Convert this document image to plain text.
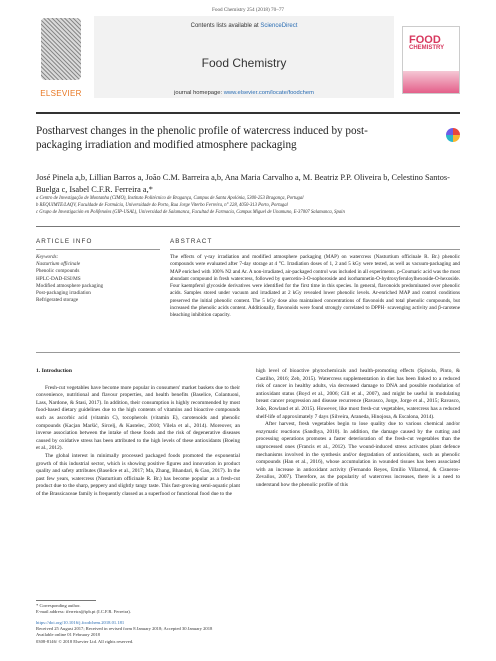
Food Chemistry 254 (2018) 70–77
ELSEVIER
Contents lists available at ScienceDirect
Food Chemistry
journal homepage: www.elsevier.com/locate/foodchem
FOOD
CHEMISTRY
Postharvest changes in the phenolic profile of watercress induced by post-packaging irradiation and modified atmosphere packaging
José Pinela a,b, Lillian Barros a, João C.M. Barreira a,b, Ana Maria Carvalho a, M. Beatriz P.P. Oliveira b, Celestino Santos-Buelga c, Isabel C.F.R. Ferreira a,*
a Centro de Investigação de Montanha (CIMO), Instituto Politécnico de Bragança, Campus de Santa Apolónia, 5300-253 Bragança, Portugal
b REQUIMTE/LAQV, Faculdade de Farmácia, Universidade do Porto, Rua Jorge Viterbo Ferreira, n° 228, 4050-313 Porto, Portugal
c Grupo de Investigación en Polifenoles (GIP-USAL), Universidad de Salamanca, Facultad de Farmacia, Campus Miguel de Unamuno, E-37007 Salamanca, Spain
ARTICLE INFO	ABSTRACT
Keywords:
Nasturtium officinale
Phenolic compounds
HPLC-DAD-ESI/MS
Modified atmosphere packaging
Post-packaging irradiation
Refrigerated storage
The effects of γ-ray irradiation and modified atmosphere packaging (MAP) on watercress (Nasturtium officinale R. Br.) phenolic compounds were evaluated after 7-day storage at 4 °C. Irradiation doses of 1, 2 and 5 kGy were tested, as well as vacuum-packaging and MAP enriched with 100% N2 and Ar. A non-irradiated, air-packaged control was included in all experiments. p-Coumaric acid was the most abundant compound in fresh watercress, followed by quercetin-3-O-sophoroside and isorhamnetin-O-hydroxyferuloylhexoside-O-hexoside. Four kaempferol glycoside derivatives were identified for the first time in this species. In general, flavonoids predominated over phenolic acids. Samples stored under vacuum and irradiated at 2 kGy revealed lower phenolic levels. Ar-enriched MAP and control conditions preserved the initial phenolic content. The 5 kGy dose also maintained concentrations of flavonoids and total phenolic compounds, but increased the phenolic acids content. Additionally, flavonoids were found strongly correlated to DPPH· scavenging activity and β-carotene bleaching inhibition capacity.

1. Introduction

Fresh-cut vegetables have become more popular in consumers' market baskets due to their convenience, nutritional and flavour properties, and health benefits (Baselice, Colantuoni, Lass, Nardone, & Stasi, 2017). In addition, their consumption is highly recommended by most food-based dietary guidelines due to the high contents of vitamins and bioactive compounds such as ascorbic acid (vitamin C), tocopherols (vitamin E), carotenoids and phenolic compounds (Kacjan Maršić, Sircelj, & Kastelec, 2010; Vilela et al., 2014). Moreover, an inverse association between the intake of these foods and the risk of degenerative diseases caused by oxidative stress has been attributed to the high levels of these antioxidants (Boeing et al., 2012).

The global interest in minimally processed packaged foods promoted the exponential growth of this industrial sector, which is showing positive figures and innovation in product quality and safety attributes (Baselice et al., 2017; Ma, Zhang, Bhandari, & Gao, 2017). In the past few years, watercress (Nasturtium officinale R. Br.) has become popular as a fresh-cut product due to the sharp, peppery and slightly tangy taste. This fast-growing semi-aquatic plant of the Brassicaceae family is frequently classed as a superfood or functional food due to the

high level of bioactive phytochemicals and health-promoting effects (Spinola, Pinto, & Castilho, 2016; Zeb, 2015). Watercress supplementation in diet has been linked to a reduced risk of cancer in healthy adults, via decreased damage to DNA and possible modulation of antioxidant status (Boyd et al., 2006; Gill et al., 2007), and might be useful in modulating breast cancer progression and disease recurrence (Ravasco, Jorge, Jorge et al., 2015; Ravasco, João, Rowland et al. 2015). However, like most fresh-cut vegetables, watercress has a reduced shelf-life of approximately 7 days (Silveira, Araneda, Hinojosa, & Escalona, 2014).

After harvest, fresh vegetables begin to lose quality due to various chemical and/or enzymatic reactions (Sandhya, 2010). In addition, the damage caused by the cutting and processing operations promotes a faster deterioration of the fresh-cut vegetables than the unprocessed ones (Francis et al., 2012). The wound-induced stress activates plant defence mechanisms involved in the synthesis and/or degradation of antioxidants, such as phenolic compounds (Han et al., 2016), whose accumulation in wounded tissues has been associated with an increase in antioxidant activity (Fernando Reyes, Emilio Villarreal, & Cisneros-Zevallos, 2007). Therefore, as the popularity of watercress increases, there is a need to understand how the phenolic profile of this

* Corresponding author.
E-mail address: iferreira@ipb.pt (I.C.F.R. Ferreira).
https://doi.org/10.1016/j.foodchem.2018.01.181
Received 25 August 2017; Received in revised form 8 January 2018; Accepted 30 January 2018
Available online 01 February 2018
0308-8146/ © 2018 Elsevier Ltd. All rights reserved.
